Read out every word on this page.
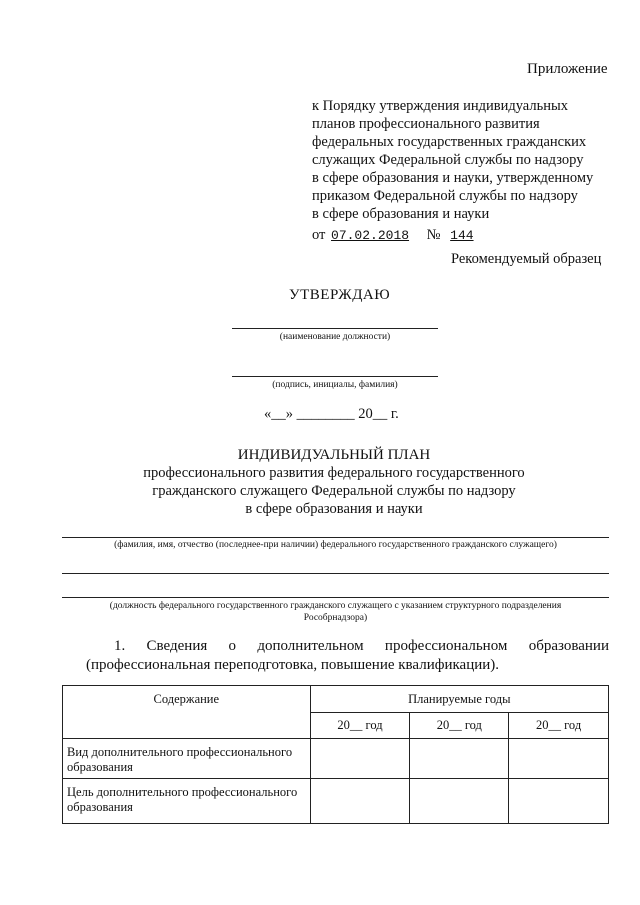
Приложение
к Порядку утверждения индивидуальных
планов профессионального развития
федеральных государственных гражданских
служащих Федеральной службы по надзору
в сфере образования и науки, утвержденному
приказом Федеральной службы по надзору
в сфере образования и науки
от 07.02.2018 № 144
Рекомендуемый образец
УТВЕРЖДАЮ
(наименование должности)
(подпись, инициалы, фамилия)
«__» ________ 20__ г.
ИНДИВИДУАЛЬНЫЙ ПЛАН
профессионального развития федерального государственного
гражданского служащего Федеральной службы по надзору
в сфере образования и науки
(фамилия, имя, отчество (последнее-при наличии) федерального государственного гражданского служащего)
(должность федерального государственного гражданского служащего с указанием структурного подразделения
Рособрнадзора)
1. Сведения о дополнительном профессиональном образовании
(профессиональная переподготовка, повышение квалификации).
Содержание	Планируемые годы		
	20__ год	20__ год	20__ год
Вид дополнительного профессионального образования			
Цель дополнительного профессионального образования			
